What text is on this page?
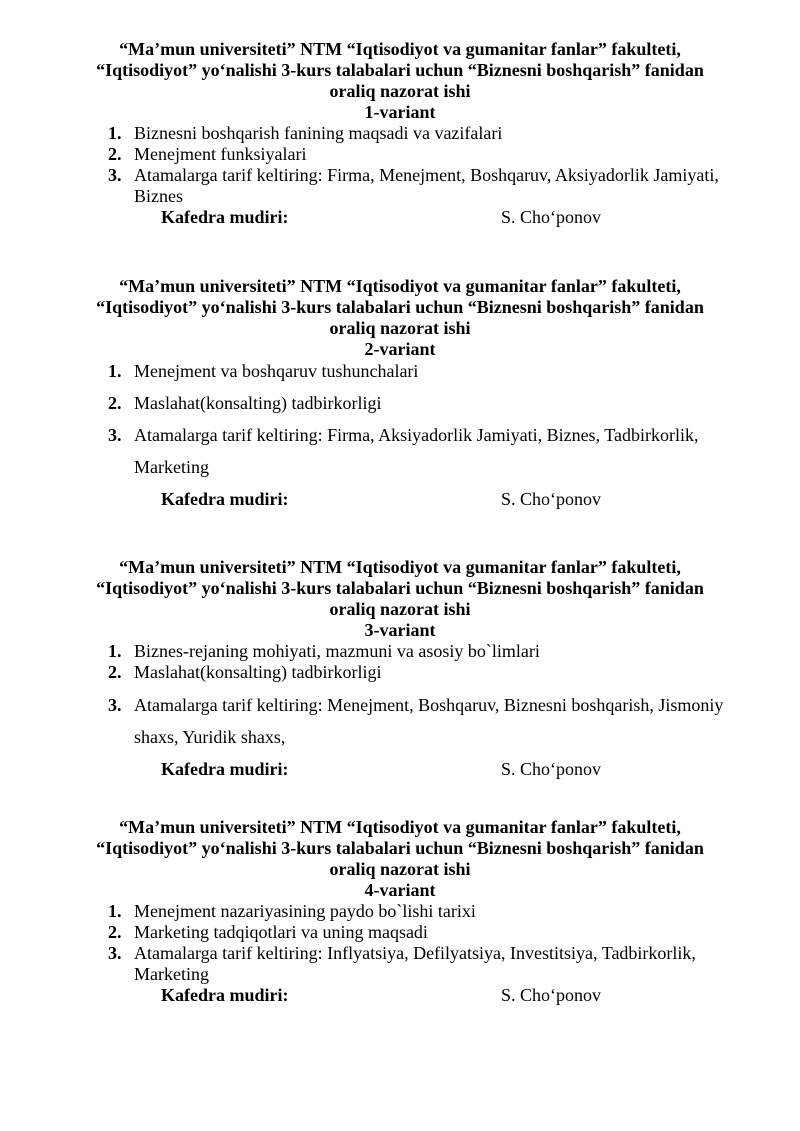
“Ma’mun universiteti” NTM “Iqtisodiyot va gumanitar fanlar” fakulteti,
“Iqtisodiyot” yo‘nalishi 3-kurs talabalari uchun “Biznesni boshqarish” fanidan
oraliq nazorat ishi
1-variant
1. Biznesni boshqarish fanining maqsadi va vazifalari
2. Menejment funksiyalari
3. Atamalarga tarif keltiring: Firma, Menejment, Boshqaruv, Aksiyadorlik Jamiyati, Biznes
Kafedra mudiri:	S. Cho‘ponov
“Ma’mun universiteti” NTM “Iqtisodiyot va gumanitar fanlar” fakulteti,
“Iqtisodiyot” yo‘nalishi 3-kurs talabalari uchun “Biznesni boshqarish” fanidan
oraliq nazorat ishi
2-variant
1. Menejment va boshqaruv tushunchalari
2. Maslahat(konsalting) tadbirkorligi
3. Atamalarga tarif keltiring: Firma, Aksiyadorlik Jamiyati, Biznes, Tadbirkorlik, Marketing
Kafedra mudiri:	S. Cho‘ponov
“Ma’mun universiteti” NTM “Iqtisodiyot va gumanitar fanlar” fakulteti,
“Iqtisodiyot” yo‘nalishi 3-kurs talabalari uchun “Biznesni boshqarish” fanidan
oraliq nazorat ishi
3-variant
1. Biznes-rejaning mohiyati, mazmuni va asosiy bo`limlari
2. Maslahat(konsalting) tadbirkorligi
3. Atamalarga tarif keltiring: Menejment, Boshqaruv, Biznesni boshqarish, Jismoniy shaxs, Yuridik shaxs,
Kafedra mudiri:	S. Cho‘ponov
“Ma’mun universiteti” NTM “Iqtisodiyot va gumanitar fanlar” fakulteti,
“Iqtisodiyot” yo‘nalishi 3-kurs talabalari uchun “Biznesni boshqarish” fanidan
oraliq nazorat ishi
4-variant
1. Menejment nazariyasining paydo bo`lishi tarixi
2. Marketing tadqiqotlari va uning maqsadi
3. Atamalarga tarif keltiring: Inflyatsiya, Defilyatsiya, Investitsiya, Tadbirkorlik, Marketing
Kafedra mudiri:	S. Cho‘ponov
